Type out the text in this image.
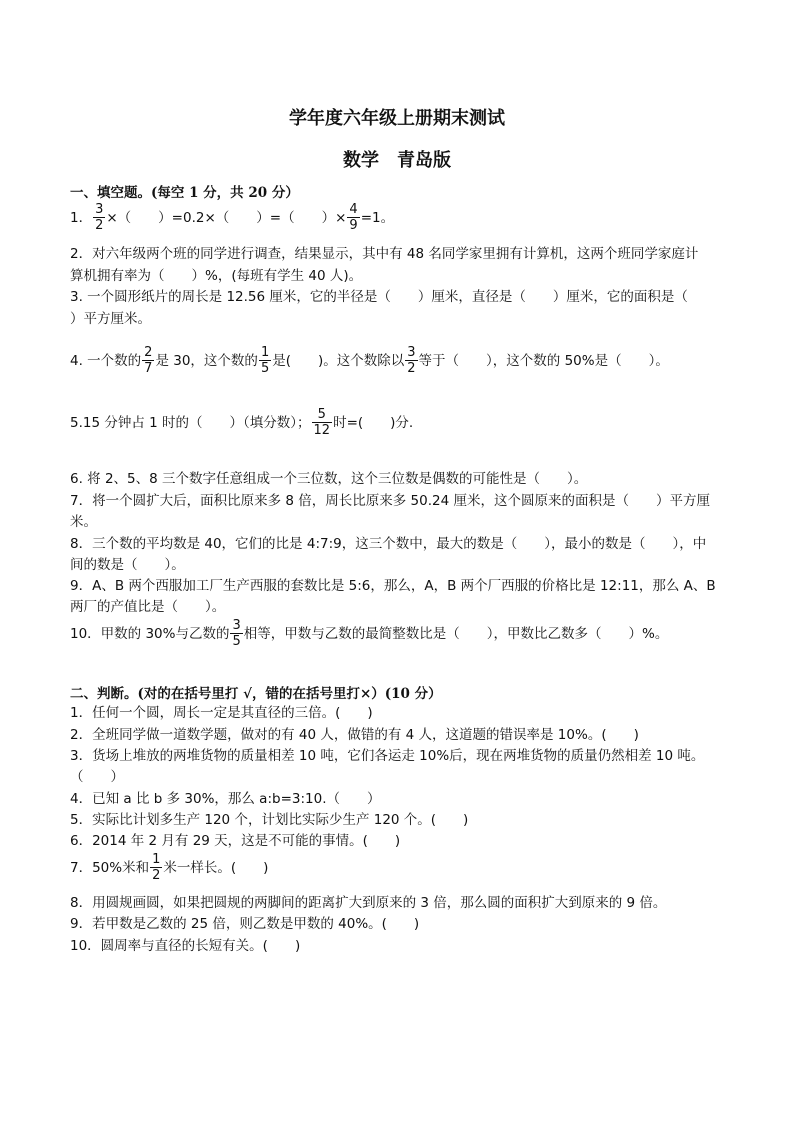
学年度六年级上册期末测试
数学　青岛版
一、填空题。(每空 1 分，共 20 分）
1． $\frac{3}{2}$ ×（　　）=0.2×（　　）=（　　）× $\frac{4}{9} =1$。
2．对六年级两个班的同学进行调查，结果显示，其中有 48 名同学家里拥有计算机，这两个班同学家庭计
算机拥有率为（　　）%，(每班有学生 40 人)。
3. 一个圆形纸片的周长是 12.56 厘米，它的半径是（　　）厘米，直径是（　　）厘米，它的面积是（
）平方厘米。
4. 一个数的 $\frac{2}{7}$ 是 30，这个数的 $\frac{1}{5}$ 是(　　)。这个数除以 $\frac{3}{2}$ 等于（　　），这个数的 50%是（　　）。
5.15 分钟占 1 时的（　　）（填分数）； $\frac{5}{12}$ 时=(　　)分.
6. 将 2、5、8 三个数字任意组成一个三位数，这个三位数是偶数的可能性是（　　）。
7．将一个圆扩大后，面积比原来多 8 倍，周长比原来多 50.24 厘米，这个圆原来的面积是（　　）平方厘
米。
8．三个数的平均数是 40，它们的比是 4:7:9，这三个数中，最大的数是（　　），最小的数是（　　），中
间的数是（　　）。
9．A、B 两个西服加工厂生产西服的套数比是 5:6，那么，A，B 两个厂西服的价格比是 12:11，那么 A、B
两厂的产值比是（　　）。
10．甲数的 30%与乙数的 $\frac{3}{5}$ 相等，甲数与乙数的最简整数比是（　　），甲数比乙数多（　　）%。
二、判断。(对的在括号里打 √，错的在括号里打×）(10 分）
1．任何一个圆，周长一定是其直径的三倍。(　　)
2．全班同学做一道数学题，做对的有 40 人，做错的有 4 人，这道题的错误率是 10%。(　　)
3．货场上堆放的两堆货物的质量相差 10 吨，它们各运走 10%后，现在两堆货物的质量仍然相差 10 吨。
（　　）
4．已知 a 比 b 多 30%，那么 a:b=3:10.（　　）
5．实际比计划多生产 120 个，计划比实际少生产 120 个。(　　)
6．2014 年 2 月有 29 天，这是不可能的事情。(　　)
7．50%米和 $\frac{1}{2}$ 米一样长。(　　)
8．用圆规画圆，如果把圆规的两脚间的距离扩大到原来的 3 倍，那么圆的面积扩大到原来的 9 倍。
9．若甲数是乙数的 25 倍，则乙数是甲数的 40%。(　　)
10．圆周率与直径的长短有关。(　　)
